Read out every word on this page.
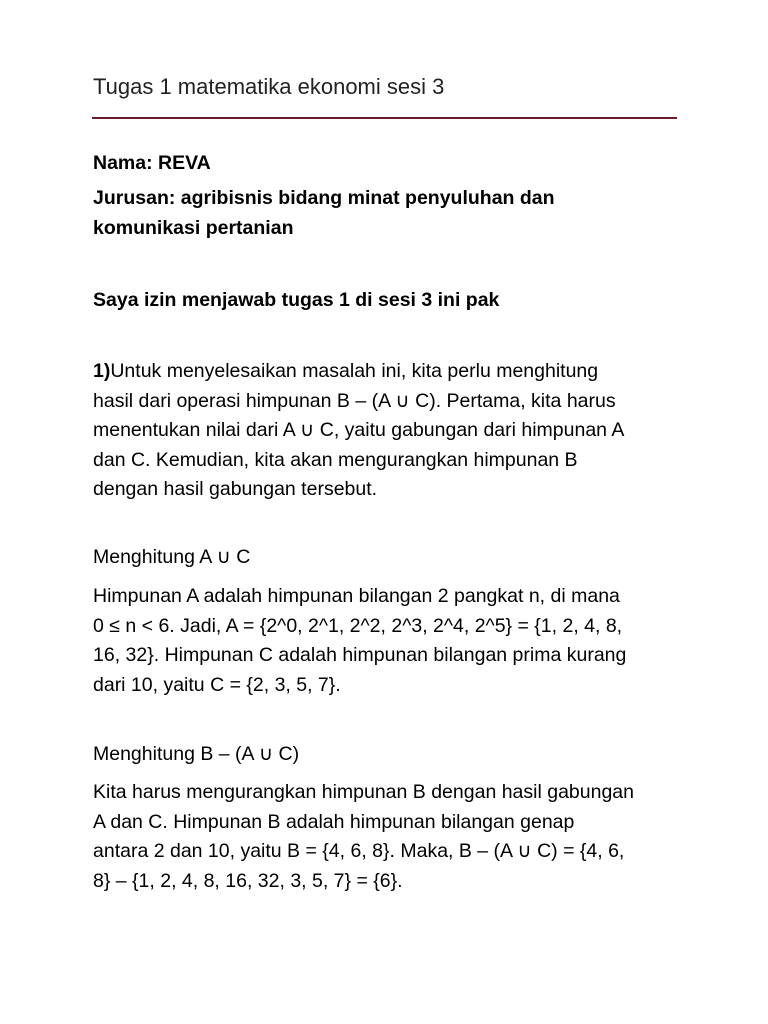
Tugas 1 matematika ekonomi sesi 3
Nama: REVA
Jurusan: agribisnis bidang minat penyuluhan dan
komunikasi pertanian
Saya izin menjawab tugas 1 di sesi 3 ini pak
1)Untuk menyelesaikan masalah ini, kita perlu menghitung
hasil dari operasi himpunan B – (A ∪ C). Pertama, kita harus
menentukan nilai dari A ∪ C, yaitu gabungan dari himpunan A
dan C. Kemudian, kita akan mengurangkan himpunan B
dengan hasil gabungan tersebut.
Menghitung A ∪ C
Himpunan A adalah himpunan bilangan 2 pangkat n, di mana
0 ≤ n < 6. Jadi, A = {2^0, 2^1, 2^2, 2^3, 2^4, 2^5} = {1, 2, 4, 8,
16, 32}. Himpunan C adalah himpunan bilangan prima kurang
dari 10, yaitu C = {2, 3, 5, 7}.
Menghitung B – (A ∪ C)
Kita harus mengurangkan himpunan B dengan hasil gabungan
A dan C. Himpunan B adalah himpunan bilangan genap
antara 2 dan 10, yaitu B = {4, 6, 8}. Maka, B – (A ∪ C) = {4, 6,
8} – {1, 2, 4, 8, 16, 32, 3, 5, 7} = {6}.
